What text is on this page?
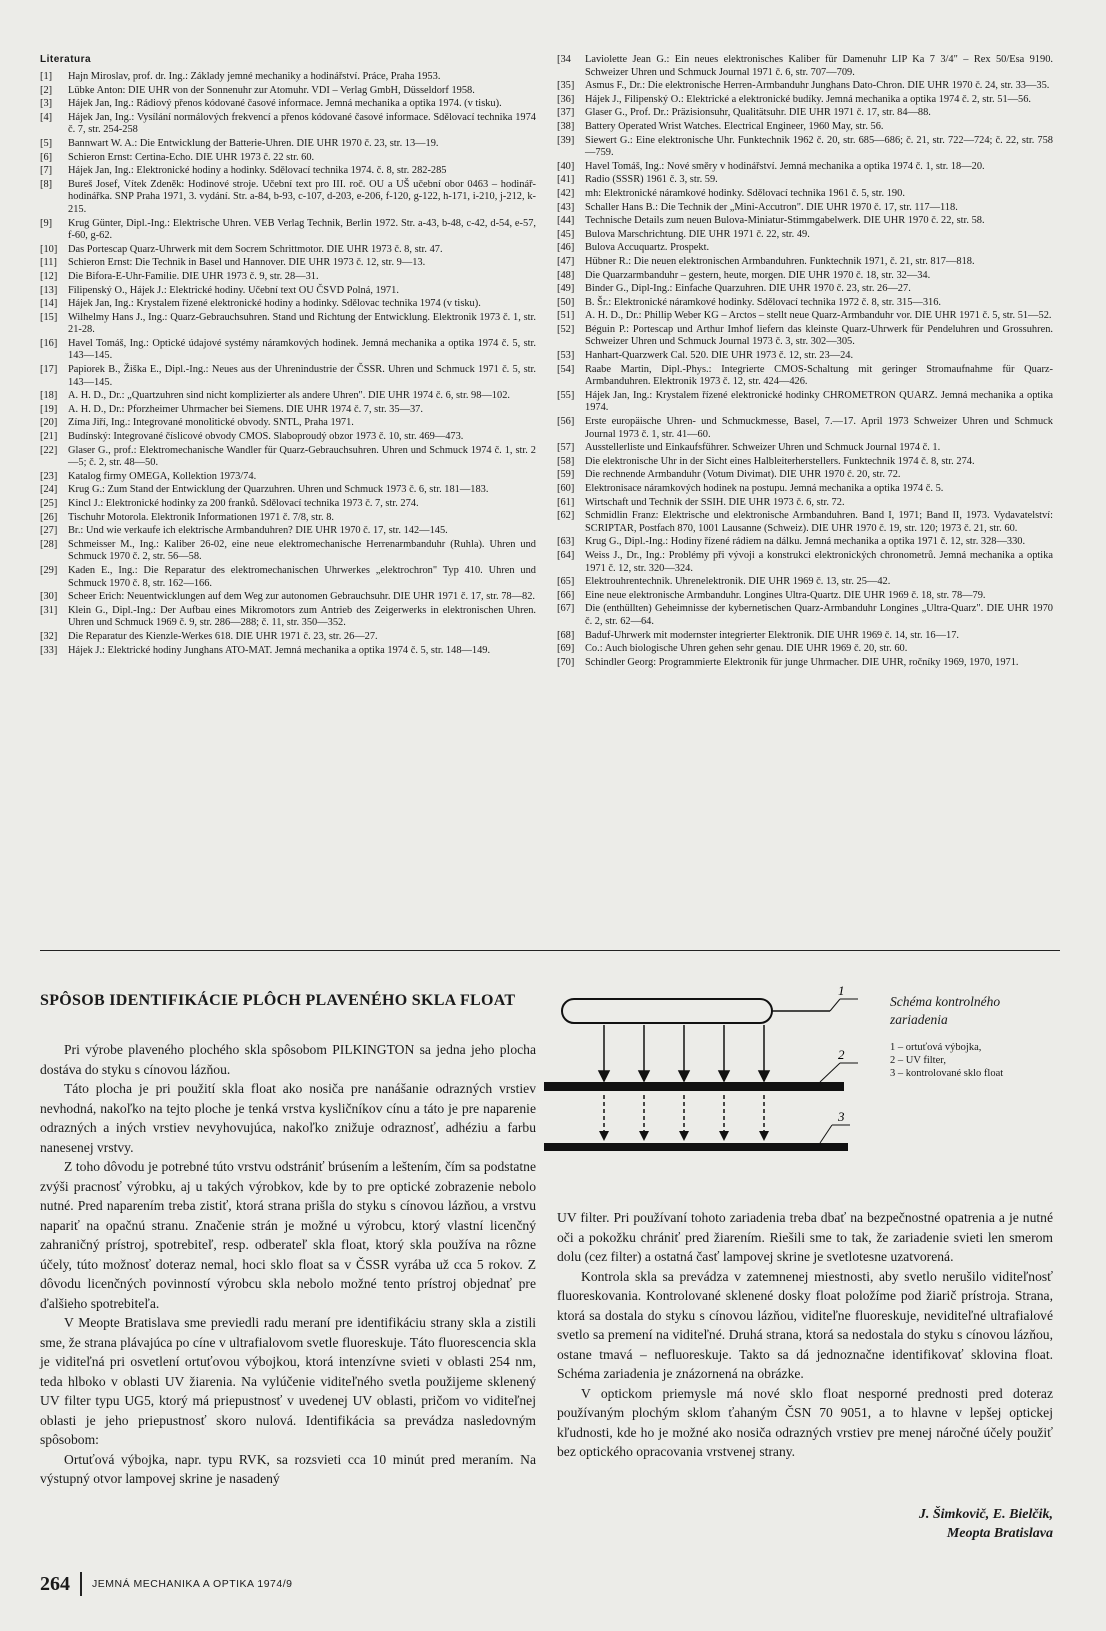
Literatura
[1]	Hajn Miroslav, prof. dr. Ing.: Základy jemné mechaniky a hodinářství. Práce, Praha 1953.
[2]	Lübke Anton: DIE UHR von der Sonnenuhr zur Atomuhr. VDI – Verlag GmbH, Düsseldorf 1958.
[3]	Hájek Jan, Ing.: Rádiový přenos kódované časové informace. Jemná mechanika a optika 1974. (v tisku).
[4]	Hájek Jan, Ing.: Vysílání normálových frekvencí a přenos kódované časové informace. Sdělovací technika 1974 č. 7, str. 254-258
[5]	Bannwart W. A.: Die Entwicklung der Batterie-Uhren. DIE UHR 1970 č. 23, str. 13—19.
[6]	Schieron Ernst: Certina-Echo. DIE UHR 1973 č. 22 str. 60.
[7]	Hájek Jan, Ing.: Elektronické hodiny a hodinky. Sdělovací technika 1974. č. 8, str. 282-285
[8]	Bureš Josef, Vítek Zdeněk: Hodinové stroje. Učební text pro III. roč. OU a UŠ učební obor 0463 – hodinář-hodinářka. SNP Praha 1971, 3. vydání. Str. a-84, b-93, c-107, d-203, e-206, f-120, g-122, h-171, i-210, j-212, k-215.
[9]	Krug Günter, Dipl.-Ing.: Elektrische Uhren. VEB Verlag Technik, Berlin 1972. Str. a-43, b-48, c-42, d-54, e-57, f-60, g-62.
[10]	Das Portescap Quarz-Uhrwerk mit dem Socrem Schrittmotor. DIE UHR 1973 č. 8, str. 47.
[11]	Schieron Ernst: Die Technik in Basel und Hannover. DIE UHR 1973 č. 12, str. 9—13.
[12]	Die Bifora-E-Uhr-Familie. DIE UHR 1973 č. 9, str. 28—31.
[13]	Filipenský O., Hájek J.: Elektrické hodiny. Učební text OU ČSVD Polná, 1971.
[14]	Hájek Jan, Ing.: Krystalem řízené elektronické hodiny a hodinky. Sdělovac technika 1974 (v tisku).
[15]	Wilhelmy Hans J., Ing.: Quarz-Gebrauchsuhren. Stand und Richtung der Entwicklung. Elektronik 1973 č. 1, str. 21-28.
[16]	Havel Tomáš, Ing.: Optické údajové systémy náramkových hodinek. Jemná mechanika a optika 1974 č. 5, str. 143—145.
[17]	Papiorek B., Žiška E., Dipl.-Ing.: Neues aus der Uhrenindustrie der ČSSR. Uhren und Schmuck 1971 č. 5, str. 143—145.
[18]	A. H. D., Dr.: „Quartzuhren sind nicht komplizierter als andere Uhren". DIE UHR 1974 č. 6, str. 98—102.
[19]	A. H. D., Dr.: Pforzheimer Uhrmacher bei Siemens. DIE UHR 1974 č. 7, str. 35—37.
[20]	Zíma Jiří, Ing.: Integrované monolitické obvody. SNTL, Praha 1971.
[21]	Budínský: Integrované číslicové obvody CMOS. Slaboproudý obzor 1973 č. 10, str. 469—473.
[22]	Glaser G., prof.: Elektromechanische Wandler für Quarz-Gebrauchsuhren. Uhren und Schmuck 1974 č. 1, str. 2—5; č. 2, str. 48—50.
[23]	Katalog firmy OMEGA, Kollektion 1973/74.
[24]	Krug G.: Zum Stand der Entwicklung der Quarzuhren. Uhren und Schmuck 1973 č. 6, str. 181—183.
[25]	Kincl J.: Elektronické hodinky za 200 franků. Sdělovací technika 1973 č. 7, str. 274.
[26]	Tischuhr Motorola. Elektronik Informationen 1971 č. 7/8, str. 8.
[27]	Br.: Und wie verkaufe ich elektrische Armbanduhren? DIE UHR 1970 č. 17, str. 142—145.
[28]	Schmeisser M., Ing.: Kaliber 26-02, eine neue elektromechanische Herrenarmbanduhr (Ruhla). Uhren und Schmuck 1970 č. 2, str. 56—58.
[29]	Kaden E., Ing.: Die Reparatur des elektromechanischen Uhrwerkes „elektrochron" Typ 410. Uhren und Schmuck 1970 č. 8, str. 162—166.
[30]	Scheer Erich: Neuentwicklungen auf dem Weg zur autonomen Gebrauchsuhr. DIE UHR 1971 č. 17, str. 78—82.
[31]	Klein G., Dipl.-Ing.: Der Aufbau eines Mikromotors zum Antrieb des Zeigerwerks in elektronischen Uhren. Uhren und Schmuck 1969 č. 9, str. 286—288; č. 11, str. 350—352.
[32]	Die Reparatur des Kienzle-Werkes 618. DIE UHR 1971 č. 23, str. 26—27.
[33]	Hájek J.: Elektrické hodiny Junghans ATO-MAT. Jemná mechanika a optika 1974 č. 5, str. 148—149.
[34	Laviolette Jean G.: Ein neues elektronisches Kaliber für Damenuhr LIP Ka 7 3/4" – Rex 50/Esa 9190. Schweizer Uhren und Schmuck Journal 1971 č. 6, str. 707—709.
[35]	Asmus F., Dr.: Die elektronische Herren-Armbanduhr Junghans Dato-Chron. DIE UHR 1970 č. 24, str. 33—35.
[36]	Hájek J., Filipenský O.: Elektrické a elektronické budíky. Jemná mechanika a optika 1974 č. 2, str. 51—56.
[37]	Glaser G., Prof. Dr.: Präzisionsuhr, Qualitätsuhr. DIE UHR 1971 č. 17, str. 84—88.
[38]	Battery Operated Wrist Watches. Electrical Engineer, 1960 May, str. 56.
[39]	Siewert G.: Eine elektronische Uhr. Funktechnik 1962 č. 20, str. 685—686; č. 21, str. 722—724; č. 22, str. 758—759.
[40]	Havel Tomáš, Ing.: Nové směry v hodinářství. Jemná mechanika a optika 1974 č. 1, str. 18—20.
[41]	Radio (SSSR) 1961 č. 3, str. 59.
[42]	mh: Elektronické náramkové hodinky. Sdělovací technika 1961 č. 5, str. 190.
[43]	Schaller Hans B.: Die Technik der „Mini-Accutron". DIE UHR 1970 č. 17, str. 117—118.
[44]	Technische Details zum neuen Bulova-Miniatur-Stimmgabelwerk. DIE UHR 1970 č. 22, str. 58.
[45]	Bulova Marschrichtung. DIE UHR 1971 č. 22, str. 49.
[46]	Bulova Accuquartz. Prospekt.
[47]	Hübner R.: Die neuen elektronischen Armbanduhren. Funktechnik 1971, č. 21, str. 817—818.
[48]	Die Quarzarmbanduhr – gestern, heute, morgen. DIE UHR 1970 č. 18, str. 32—34.
[49]	Binder G., Dipl-Ing.: Einfache Quarzuhren. DIE UHR 1970 č. 23, str. 26—27.
[50]	B. Šr.: Elektronické náramkové hodinky. Sdělovací technika 1972 č. 8, str. 315—316.
[51]	A. H. D., Dr.: Phillip Weber KG – Arctos – stellt neue Quarz-Armbanduhr vor. DIE UHR 1971 č. 5, str. 51—52.
[52]	Béguin P.: Portescap und Arthur Imhof liefern das kleinste Quarz-Uhrwerk für Pendeluhren und Grossuhren. Schweizer Uhren und Schmuck Journal 1973 č. 3, str. 302—305.
[53]	Hanhart-Quarzwerk Cal. 520. DIE UHR 1973 č. 12, str. 23—24.
[54]	Raabe Martin, Dipl.-Phys.: Integrierte CMOS-Schaltung mit geringer Stromaufnahme für Quarz-Armbanduhren. Elektronik 1973 č. 12, str. 424—426.
[55]	Hájek Jan, Ing.: Krystalem řízené elektronické hodinky CHROMETRON QUARZ. Jemná mechanika a optika 1974.
[56]	Erste europäische Uhren- und Schmuckmesse, Basel, 7.—17. April 1973 Schweizer Uhren und Schmuck Journal 1973 č. 1, str. 41—60.
[57]	Ausstellerliste und Einkaufsführer. Schweizer Uhren und Schmuck Journal 1974 č. 1.
[58]	Die elektronische Uhr in der Sicht eines Halbleiterherstellers. Funktechnik 1974 č. 8, str. 274.
[59]	Die rechnende Armbanduhr (Votum Divimat). DIE UHR 1970 č. 20, str. 72.
[60]	Elektronisace náramkových hodinek na postupu. Jemná mechanika a optika 1974 č. 5.
[61]	Wirtschaft und Technik der SSIH. DIE UHR 1973 č. 6, str. 72.
[62]	Schmidlin Franz: Elektrische und elektronische Armbanduhren. Band I, 1971; Band II, 1973. Vydavatelství: SCRIPTAR, Postfach 870, 1001 Lausanne (Schweiz). DIE UHR 1970 č. 19, str. 120; 1973 č. 21, str. 60.
[63]	Krug G., Dipl.-Ing.: Hodiny řízené rádiem na dálku. Jemná mechanika a optika 1971 č. 12, str. 328—330.
[64]	Weiss J., Dr., Ing.: Problémy při vývoji a konstrukci elektronických chronometrů. Jemná mechanika a optika 1971 č. 12, str. 320—324.
[65]	Elektrouhrentechnik. Uhrenelektronik. DIE UHR 1969 č. 13, str. 25—42.
[66]	Eine neue elektronische Armbanduhr. Longines Ultra-Quartz. DIE UHR 1969 č. 18, str. 78—79.
[67]	Die (enthüllten) Geheimnisse der kybernetischen Quarz-Armbanduhr Longines „Ultra-Quarz". DIE UHR 1970 č. 2, str. 62—64.
[68]	Baduf-Uhrwerk mit modernster integrierter Elektronik. DIE UHR 1969 č. 14, str. 16—17.
[69]	Co.: Auch biologische Uhren gehen sehr genau. DIE UHR 1969 č. 20, str. 60.
[70]	Schindler Georg: Programmierte Elektronik für junge Uhrmacher. DIE UHR, ročníky 1969, 1970, 1971.
SPÔSOB IDENTIFIKÁCIE PLÔCH PLAVENÉHO SKLA FLOAT

Pri výrobe plaveného plochého skla spôsobom PILKINGTON sa jedna jeho plocha dostáva do styku s cínovou lázňou.

Táto plocha je pri použití skla float ako nosiča pre nanášanie odrazných vrstiev nevhodná, nakoľko na tejto ploche je tenká vrstva kysličníkov cínu a táto je pre naparenie odrazných a iných vrstiev nevyhovujúca, nakoľko znižuje odraznosť, adhéziu a farbu nanesenej vrstvy.

Z toho dôvodu je potrebné túto vrstvu odstrániť brúsením a leštením, čím sa podstatne zvýši pracnosť výrobku, aj u takých výrobkov, kde by to pre optické zobrazenie nebolo nutné. Pred naparením treba zistiť, ktorá strana prišla do styku s cínovou lázňou, a vrstvu napariť na opačnú stranu. Značenie strán je možné u výrobcu, ktorý vlastní licenčný zahraničný prístroj, spotrebiteľ, resp. odberateľ skla float, ktorý skla používa na rôzne účely, túto možnosť doteraz nemal, hoci sklo float sa v ČSSR vyrába už cca 5 rokov. Z dôvodu licenčných povinností výrobcu skla nebolo možné tento prístroj objednať pre ďalšieho spotrebiteľa.

V Meopte Bratislava sme previedli radu meraní pre identifikáciu strany skla a zistili sme, že strana plávajúca po cíne v ultrafialovom svetle fluoreskuje. Táto fluorescencia skla je viditeľná pri osvetlení ortuťovou výbojkou, ktorá intenzívne svieti v oblasti 254 nm, teda hlboko v oblasti UV žiarenia. Na vylúčenie viditeľného svetla použijeme sklenený UV filter typu UG5, ktorý má priepustnosť v uvedenej UV oblasti, pričom vo viditeľnej oblasti je jeho priepustnosť skoro nulová. Identifikácia sa prevádza nasledovným spôsobom:

Ortuťová výbojka, napr. typu RVK, sa rozsvieti cca 10 minút pred meraním. Na výstupný otvor lampovej skrine je nasadený

1
2
3
Schéma kontrolného zariadenia
1 – ortuťová výbojka,
2 – UV filter,
3 – kontrolované sklo float

UV filter. Pri používaní tohoto zariadenia treba dbať na bezpečnostné opatrenia a je nutné oči a pokožku chrániť pred žiarením. Riešili sme to tak, že zariadenie svieti len smerom dolu (cez filter) a ostatná časť lampovej skrine je svetlotesne uzatvorená.

Kontrola skla sa prevádza v zatemnenej miestnosti, aby svetlo nerušilo viditeľnosť fluoreskovania. Kontrolované sklenené dosky float položíme pod žiarič prístroja. Strana, ktorá sa dostala do styku s cínovou lázňou, viditeľne fluoreskuje, neviditeľné ultrafialové svetlo sa premení na viditeľné. Druhá strana, ktorá sa nedostala do styku s cínovou lázňou, ostane tmavá – nefluoreskuje. Takto sa dá jednoznačne identifikovať sklovina float. Schéma zariadenia je znázornená na obrázke.

V optickom priemysle má nové sklo float nesporné prednosti pred doteraz používaným plochým sklom ťahaným ČSN 70 9051, a to hlavne v lepšej optickej kľudnosti, kde ho je možné ako nosiča odrazných vrstiev pre menej náročné účely použiť bez optického opracovania vrstvenej strany.

J. Šimkovič, E. Bielčik,
Meopta Bratislava
264 JEMNÁ MECHANIKA A OPTIKA 1974/9
